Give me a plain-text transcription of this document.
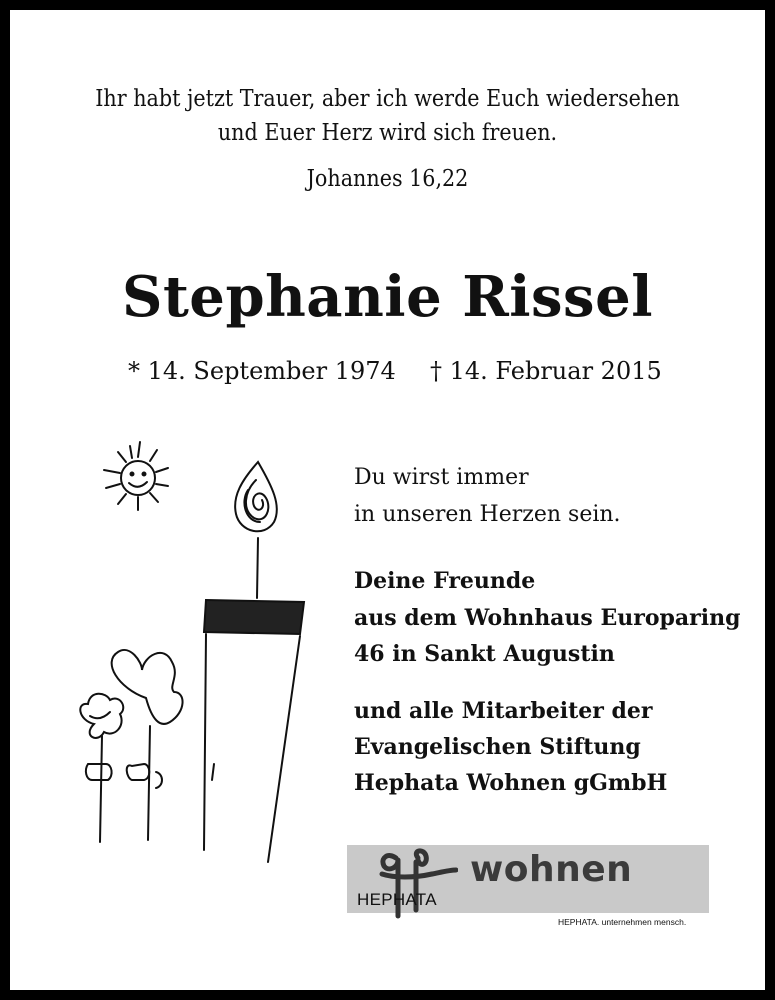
Ihr habt jetzt Trauer, aber ich werde Euch wiedersehen
und Euer Herz wird sich freuen.
Johannes 16,22
Stephanie Rissel
* 14. September 1974 † 14. Februar 2015
Du wirst immer
in unseren Herzen sein.
Deine Freunde
aus dem Wohnhaus Europaring
46 in Sankt Augustin
und alle Mitarbeiter der
Evangelischen Stiftung
Hephata Wohnen gGmbH
wohnen
HEPHATA
HEPHATA. unternehmen mensch.
